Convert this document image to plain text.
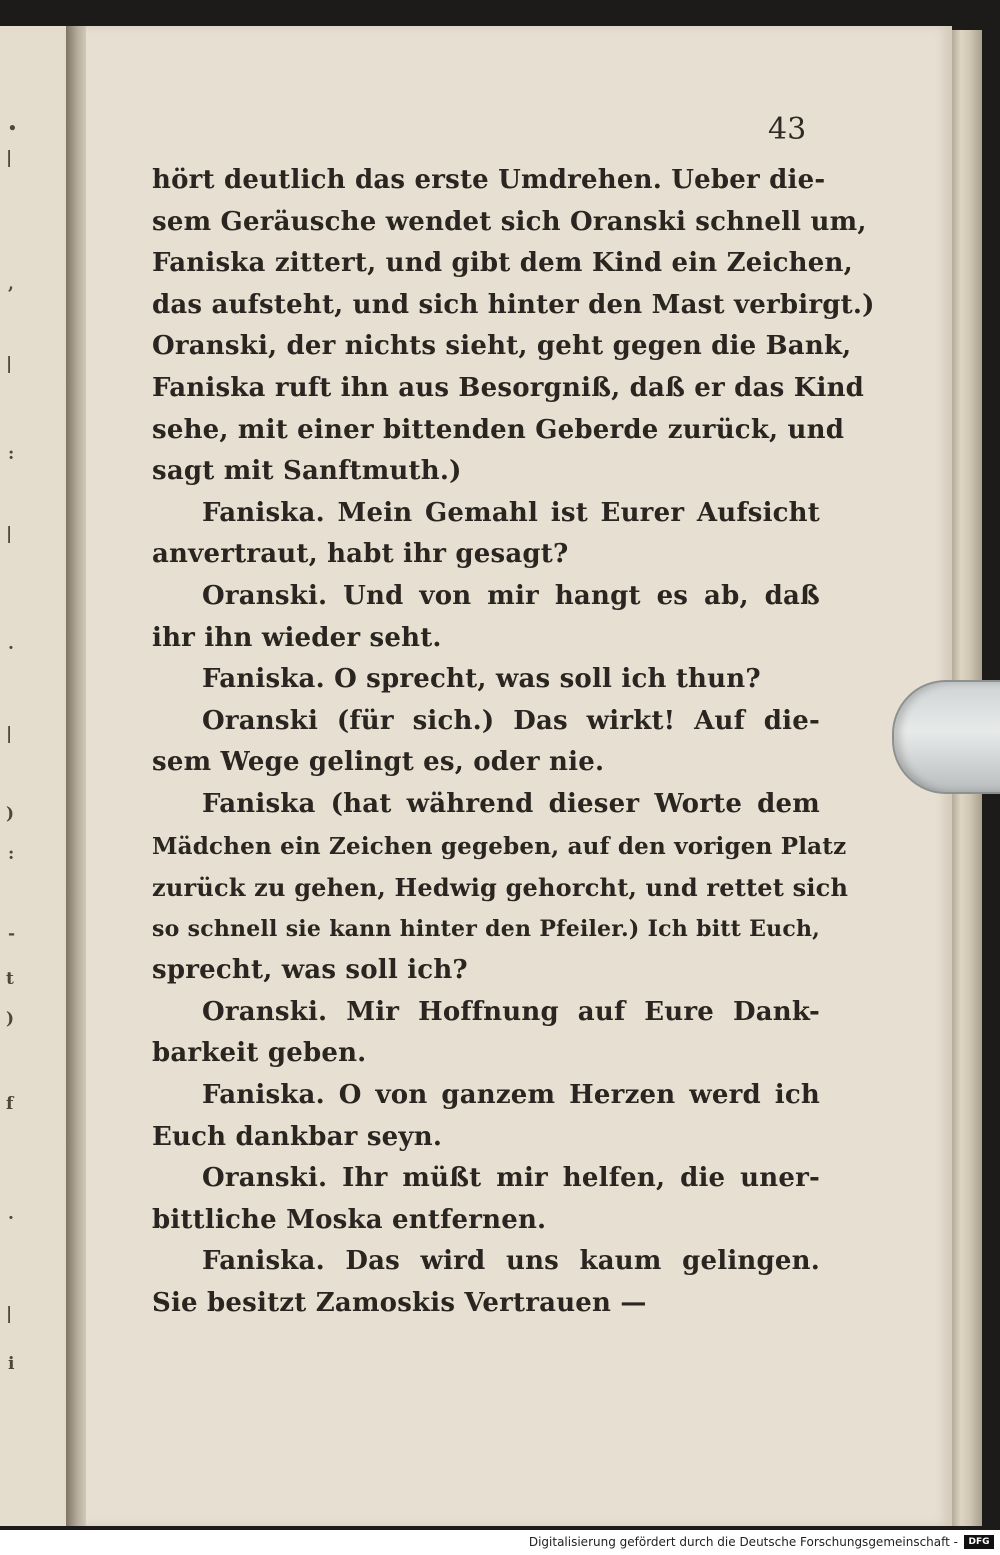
∙
|
,
|
:
|
.
|
)
:
-
t
)
f
.
|
i
43
hört deutlich das erste Umdrehen. Ueber die-
sem Geräusche wendet sich Oranski schnell um,
Faniska zittert, und gibt dem Kind ein Zeichen,
das aufsteht, und sich hinter den Mast verbirgt.)
Oranski, der nichts sieht, geht gegen die Bank,
Faniska ruft ihn aus Besorgniß, daß er das Kind
sehe, mit einer bittenden Geberde zurück, und
sagt mit Sanftmuth.)
Faniska. Mein Gemahl ist Eurer Aufsicht
anvertraut, habt ihr gesagt?
Oranski. Und von mir hangt es ab, daß
ihr ihn wieder seht.
Faniska. O sprecht, was soll ich thun?
Oranski (für sich.) Das wirkt! Auf die-
sem Wege gelingt es, oder nie.
Faniska (hat während dieser Worte dem
Mädchen ein Zeichen gegeben, auf den vorigen Platz
zurück zu gehen, Hedwig gehorcht, und rettet sich
so schnell sie kann hinter den Pfeiler.) Ich bitt Euch,
sprecht, was soll ich?
Oranski. Mir Hoffnung auf Eure Dank-
barkeit geben.
Faniska. O von ganzem Herzen werd ich
Euch dankbar seyn.
Oranski. Ihr müßt mir helfen, die uner-
bittliche Moska entfernen.
Faniska. Das wird uns kaum gelingen.
Sie besitzt Zamoskis Vertrauen —
Digitalisierung gefördert durch die Deutsche Forschungsgemeinschaft -	DFG
